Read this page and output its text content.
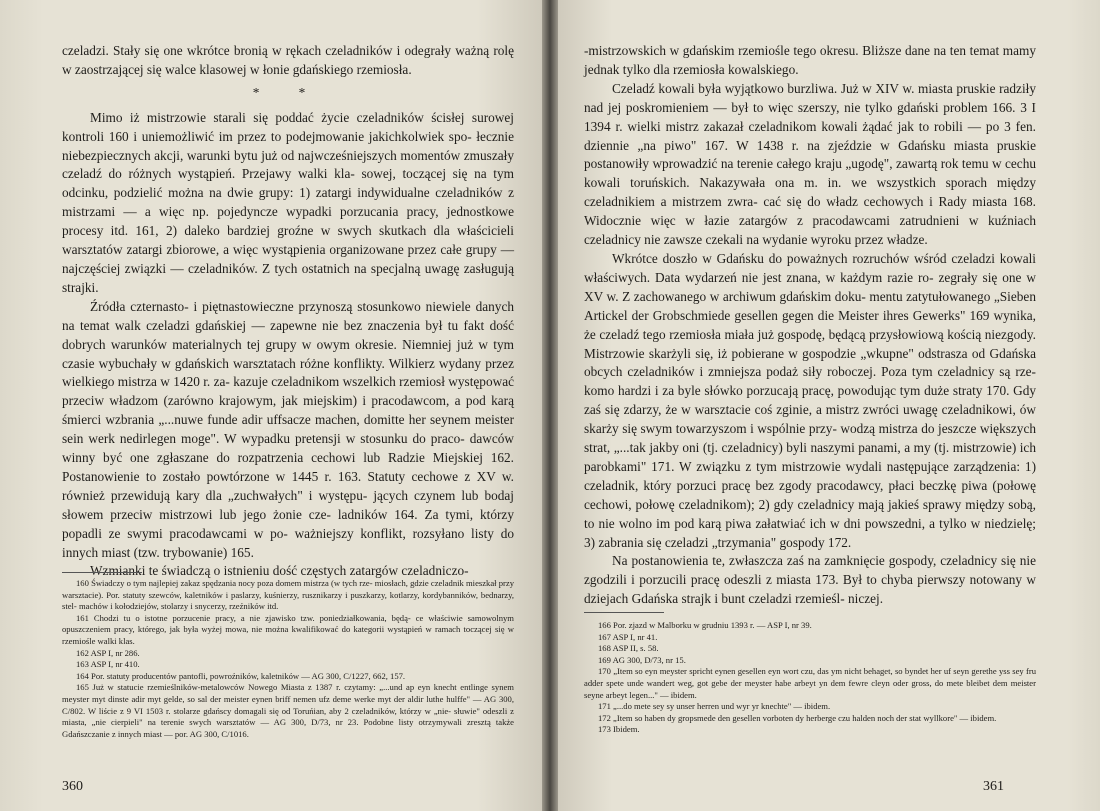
czeladzi. Stały się one wkrótce bronią w rękach czeladników i odegrały ważną rolę w zaostrzającej się walce klasowej w łonie gdańskiego rzemiosła.

* *

Mimo iż mistrzowie starali się poddać życie czeladników ścisłej surowej kontroli 160 i uniemożliwić im przez to podejmowanie jakichkolwiek spo- łecznie niebezpiecznych akcji, warunki bytu już od najwcześniejszych momentów zmuszały czeladź do różnych wystąpień. Przejawy walki kla- sowej, toczącej się na tym odcinku, podzielić można na dwie grupy: 1) zatargi indywidualne czeladników z mistrzami — a więc np. pojedyncze wypadki porzucania pracy, jednostkowe procesy itd. 161, 2) daleko bardziej groźne w swych skutkach dla właścicieli warsztatów zatargi zbiorowe, a więc wystąpienia organizowane przez całe grupy — najczęściej związki — czeladników. Z tych ostatnich na specjalną uwagę zasługują strajki.

Źródła czternasto- i piętnastowieczne przynoszą stosunkowo niewiele danych na temat walk czeladzi gdańskiej — zapewne nie bez znaczenia był tu fakt dość dobrych warunków materialnych tej grupy w owym okresie. Niemniej już w tym czasie wybuchały w gdańskich warsztatach różne konflikty. Wilkierz wydany przez wielkiego mistrza w 1420 r. za- kazuje czeladnikom wszelkich rzemiosł występować przeciw władzom (zarówno krajowym, jak miejskim) i pracodawcom, a pod karą śmierci wzbrania „...nuwe funde adir uffsacze machen, domitte her seynem meister sein werk nedirlegen moge". W wypadku pretensji w stosunku do praco- dawców winny być one zgłaszane do rozpatrzenia cechowi lub Radzie Miejskiej 162. Postanowienie to zostało powtórzone w 1445 r. 163. Statuty cechowe z XV w. również przewidują kary dla „zuchwałych" i występu- jących czynem lub bodaj słowem przeciw mistrzowi lub jego żonie cze- ladników 164. Za tymi, którzy popadli ze swymi pracodawcami w po- ważniejszy konflikt, rozsyłano listy do innych miast (tzw. trybowanie) 165.

Wzmianki te świadczą o istnieniu dość częstych zatargów czeladniczo-

160 Świadczy o tym najlepiej zakaz spędzania nocy poza domem mistrza (w tych rze- miosłach, gdzie czeladnik mieszkał przy warsztacie). Por. statuty szewców, kaletników i paslarzy, kuśnierzy, rusznikarzy i puszkarzy, kotlarzy, kordybanników, bednarzy, stel- machów i kołodziejów, stolarzy i snycerzy, rzeźników itd.

161 Chodzi tu o istotne porzucenie pracy, a nie zjawisko tzw. poniedziałkowania, będą- ce właściwie samowolnym opuszczeniem pracy, którego, jak była wyżej mowa, nie można kwalifikować do kategorii wystąpień w ramach toczącej się w rzemiośle walki klas.

162 ASP I, nr 286.

163 ASP I, nr 410.

164 Por. statuty producentów pantofli, powroźników, kaletników — AG 300, C/1227, 662, 157.

165 Już w statucie rzemieślników-metalowców Nowego Miasta z 1387 r. czytamy: „...und ap eyn knecht entlinge synem meyster myt dinste adir myt gelde, so sal der meister eynen briff nemen ufz deme werke myt der aldir luthe hulffe" — AG 300, C/802. W liście z 9 VI 1503 r. stolarze gdańscy domagali się od Toruńian, aby 2 czeladników, którzy w „nie- słuwie" odeszli z miasta, „nie cierpieli" na terenie swych warsztatów — AG 300, D/73, nr 23. Podobne listy otrzymywali zresztą także Gdańszczanie z innych miast — por. AG 300, C/1016.

360

-mistrzowskich w gdańskim rzemiośle tego okresu. Bliższe dane na ten temat mamy jednak tylko dla rzemiosła kowalskiego.

Czeladź kowali była wyjątkowo burzliwa. Już w XIV w. miasta pruskie radziły nad jej poskromieniem — był to więc szerszy, nie tylko gdański problem 166. 3 I 1394 r. wielki mistrz zakazał czeladnikom kowali żądać jak to robili — po 3 fen. dziennie „na piwo" 167. W 1438 r. na zjeździe w Gdańsku miasta pruskie postanowiły wprowadzić na terenie całego kraju „ugodę", zawartą rok temu w cechu kowali toruńskich. Nakazywała ona m. in. we wszystkich sporach między czeladnikiem a mistrzem zwra- cać się do władz cechowych i Rady miasta 168. Widocznie więc w łazie zatargów z pracodawcami zatrudnieni w kuźniach czeladnicy nie zawsze czekali na wydanie wyroku przez władze.

Wkrótce doszło w Gdańsku do poważnych rozruchów wśród czeladzi kowali właściwych. Data wydarzeń nie jest znana, w każdym razie ro- zegrały się one w XV w. Z zachowanego w archiwum gdańskim doku- mentu zatytułowanego „Sieben Artickel der Grobschmiede gesellen gegen die Meister ihres Gewerks" 169 wynika, że czeladź tego rzemiosła miała już gospodę, będącą przysłowiową kością niezgody. Mistrzowie skarżyli się, iż pobierane w gospodzie „wkupne" odstrasza od Gdańska obcych czeladników i zmniejsza podaż siły roboczej. Poza tym czeladnicy są rze- komo hardzi i za byle słówko porzucają pracę, powodując tym duże straty 170. Gdy zaś się zdarzy, że w warsztacie coś zginie, a mistrz zwróci uwagę czeladnikowi, ów skarży się swym towarzyszom i wspólnie przy- wodzą mistrza do jeszcze większych strat, „...tak jakby oni (tj. czeladnicy) byli naszymi panami, a my (tj. mistrzowie) ich parobkami" 171. W związku z tym mistrzowie wydali następujące zarządzenia: 1) czeladnik, który porzuci pracę bez zgody pracodawcy, płaci beczkę piwa (połowę cechowi, połowę czeladnikom); 2) gdy czeladnicy mają jakieś sprawy między sobą, to nie wolno im pod karą piwa załatwiać ich w dni powszedni, a tylko w niedzielę; 3) zabrania się czeladzi „trzymania" gospody 172.

Na postanowienia te, zwłaszcza zaś na zamknięcie gospody, czeladnicy się nie zgodzili i porzucili pracę odeszli z miasta 173. Był to chyba pierwszy notowany w dziejach Gdańska strajk i bunt czeladzi rzemieśl- niczej.

166 Por. zjazd w Malborku w grudniu 1393 r. — ASP I, nr 39.

167 ASP I, nr 41.

168 ASP II, s. 58.

169 AG 300, D/73, nr 15.

170 „Item so eyn meyster spricht eynen gesellen eyn wort czu, das ym nicht behaget, so byndet her uf seyn gerethe yss sey fru adder spete unde wandert weg, got gebe der meyster habe arbeyt yn dem fewre cleyn oder gross, do mete bleibet dem meister seyne arbeyt legen..." — ibidem.

171 „...do mete sey sy unser herren und wyr yr knechte" — ibidem.

172 „Item so haben dy gropsmede den gesellen vorboten dy herberge czu halden noch der stat wyllkore" — ibidem.

173 Ibidem.

361
